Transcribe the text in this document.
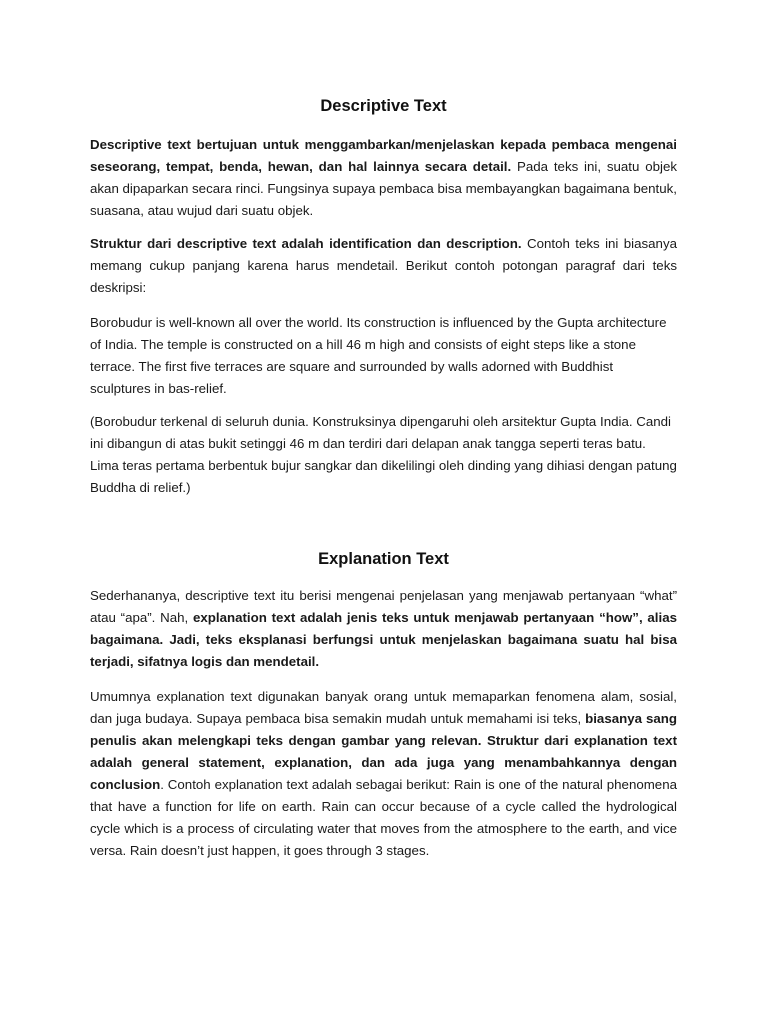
Descriptive Text

Descriptive text bertujuan untuk menggambarkan/menjelaskan kepada pembaca mengenai seseorang, tempat, benda, hewan, dan hal lainnya secara detail. Pada teks ini, suatu objek akan dipaparkan secara rinci. Fungsinya supaya pembaca bisa membayangkan bagaimana bentuk, suasana, atau wujud dari suatu objek.

Struktur dari descriptive text adalah identification dan description. Contoh teks ini biasanya memang cukup panjang karena harus mendetail. Berikut contoh potongan paragraf dari teks deskripsi:

Borobudur is well-known all over the world. Its construction is influenced by the Gupta architecture of India. The temple is constructed on a hill 46 m high and consists of eight steps like a stone terrace. The first five terraces are square and surrounded by walls adorned with Buddhist sculptures in bas-relief.

(Borobudur terkenal di seluruh dunia. Konstruksinya dipengaruhi oleh arsitektur Gupta India. Candi ini dibangun di atas bukit setinggi 46 m dan terdiri dari delapan anak tangga seperti teras batu. Lima teras pertama berbentuk bujur sangkar dan dikelilingi oleh dinding yang dihiasi dengan patung Buddha di relief.)

Explanation Text

Sederhananya, descriptive text itu berisi mengenai penjelasan yang menjawab pertanyaan “what” atau “apa”. Nah, explanation text adalah jenis teks untuk menjawab pertanyaan “how”, alias bagaimana. Jadi, teks eksplanasi berfungsi untuk menjelaskan bagaimana suatu hal bisa terjadi, sifatnya logis dan mendetail.

Umumnya explanation text digunakan banyak orang untuk memaparkan fenomena alam, sosial, dan juga budaya. Supaya pembaca bisa semakin mudah untuk memahami isi teks, biasanya sang penulis akan melengkapi teks dengan gambar yang relevan. Struktur dari explanation text adalah general statement, explanation, dan ada juga yang menambahkannya dengan conclusion. Contoh explanation text adalah sebagai berikut: Rain is one of the natural phenomena that have a function for life on earth. Rain can occur because of a cycle called the hydrological cycle which is a process of circulating water that moves from the atmosphere to the earth, and vice versa. Rain doesn’t just happen, it goes through 3 stages.
